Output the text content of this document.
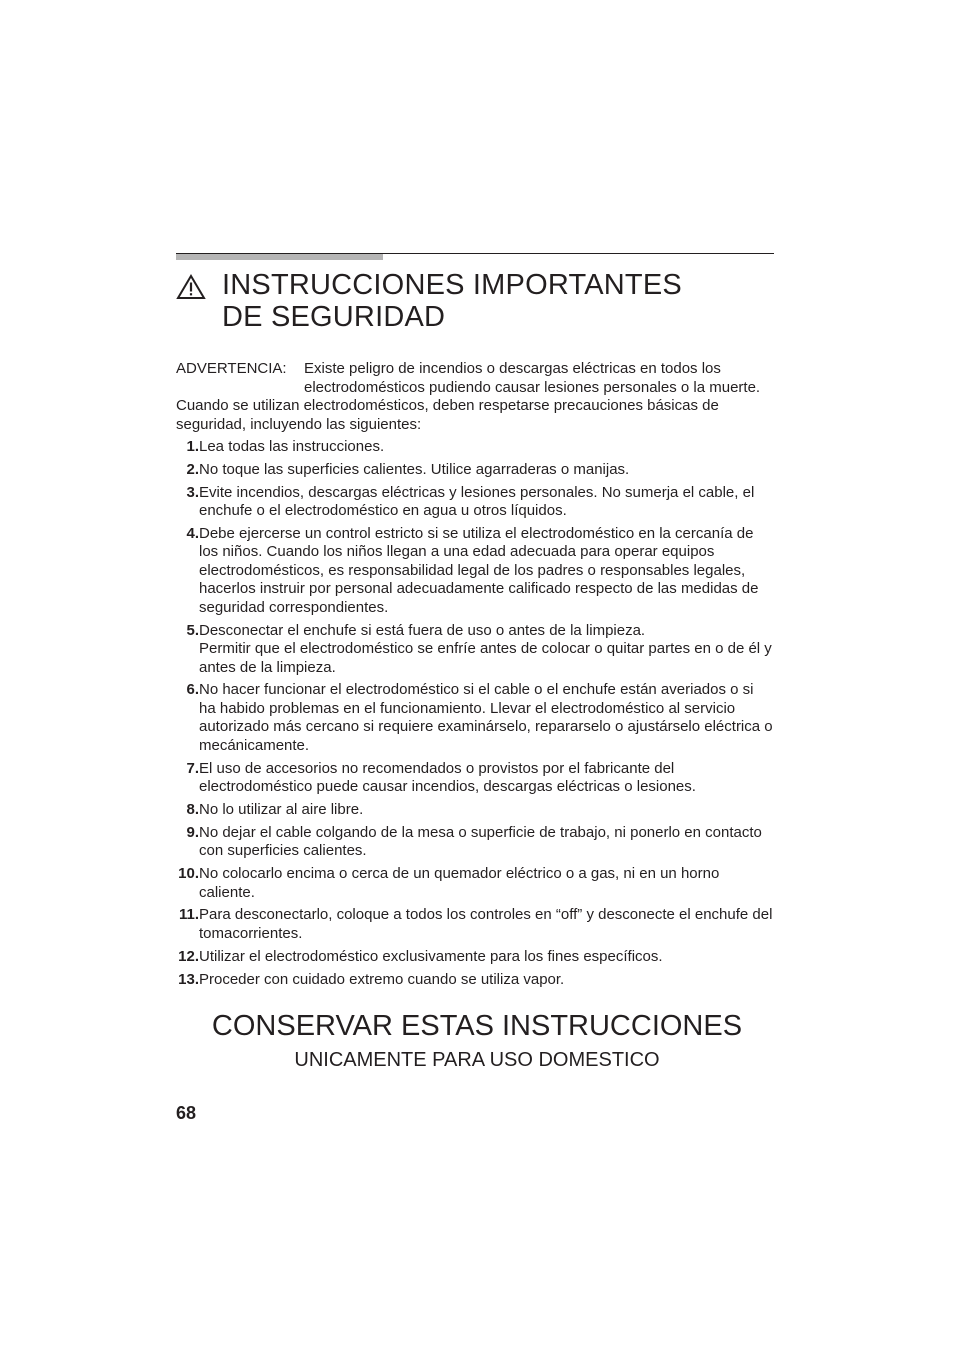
INSTRUCCIONES IMPORTANTES
DE SEGURIDAD
ADVERTENCIA:	Existe peligro de incendios o descargas eléctricas en todos los electrodomésticos pudiendo causar lesiones personales o la muerte.
Cuando se utilizan electrodomésticos, deben respetarse precauciones básicas de seguridad, incluyendo las siguientes:
1. Lea todas las instrucciones.
2. No toque las superficies calientes. Utilice agarraderas o manijas.
3. Evite incendios, descargas eléctricas y lesiones personales. No sumerja el cable, el enchufe o el electrodoméstico en agua u otros líquidos.
4. Debe ejercerse un control estricto si se utiliza el electrodoméstico en la cercanía de los niños. Cuando los niños llegan a una edad adecuada para operar equipos electrodomésticos, es responsabilidad legal de los padres o responsables legales, hacerlos instruir por personal adecuadamente calificado respecto de las medidas de seguridad correspondientes.
5. Desconectar el enchufe si está fuera de uso o antes de la limpieza.
Permitir que el electrodoméstico se enfríe antes de colocar o quitar partes en o de él y antes de la limpieza.
6. No hacer funcionar el electrodoméstico si el cable o el enchufe están averiados o si ha habido problemas en el funcionamiento. Llevar el electrodoméstico al servicio autorizado más cercano si requiere examinárselo, repararselo o ajustárselo eléctrica o mecánicamente.
7. El uso de accesorios no recomendados o provistos por el fabricante del electrodoméstico puede causar incendios, descargas eléctricas o lesiones.
8. No lo utilizar al aire libre.
9. No dejar el cable colgando de la mesa o superficie de trabajo, ni ponerlo en contacto con superficies calientes.
10. No colocarlo encima o cerca de un quemador eléctrico o a gas, ni en un horno caliente.
11. Para desconectarlo, coloque a todos los controles en “off” y desconecte el enchufe del tomacorrientes.
12. Utilizar el electrodoméstico exclusivamente para los fines específicos.
13. Proceder con cuidado extremo cuando se utiliza vapor.
CONSERVAR ESTAS INSTRUCCIONES
UNICAMENTE PARA USO DOMESTICO
68
